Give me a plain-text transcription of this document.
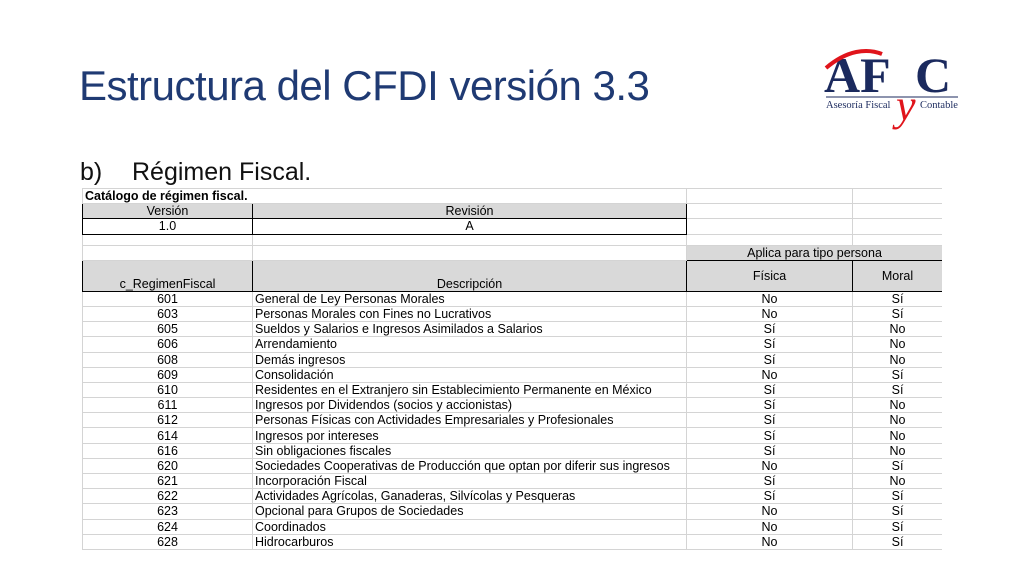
Estructura del CFDI versión 3.3	AF C
y
Asesoría Fiscal	Contable
b) Régimen Fiscal.
Catálogo de régimen fiscal.			
Versión	Revisión		
1.0	A		

		Aplica para tipo persona	
c_RegimenFiscal	Descripción	Física	Moral
601	General de Ley Personas Morales	No	Sí
603	Personas Morales con Fines no Lucrativos	No	Sí
605	Sueldos y Salarios e Ingresos Asimilados a Salarios	Sí	No
606	Arrendamiento	Sí	No
608	Demás ingresos	Sí	No
609	Consolidación	No	Sí
610	Residentes en el Extranjero sin Establecimiento Permanente en México	Sí	Sí
611	Ingresos por Dividendos (socios y accionistas)	Sí	No
612	Personas Físicas con Actividades Empresariales y Profesionales	Sí	No
614	Ingresos por intereses	Sí	No
616	Sin obligaciones fiscales	Sí	No
620	Sociedades Cooperativas de Producción que optan por diferir sus ingresos	No	Sí
621	Incorporación Fiscal	Sí	No
622	Actividades Agrícolas, Ganaderas, Silvícolas y Pesqueras	Sí	Sí
623	Opcional para Grupos de Sociedades	No	Sí
624	Coordinados	No	Sí
628	Hidrocarburos	No	Sí
